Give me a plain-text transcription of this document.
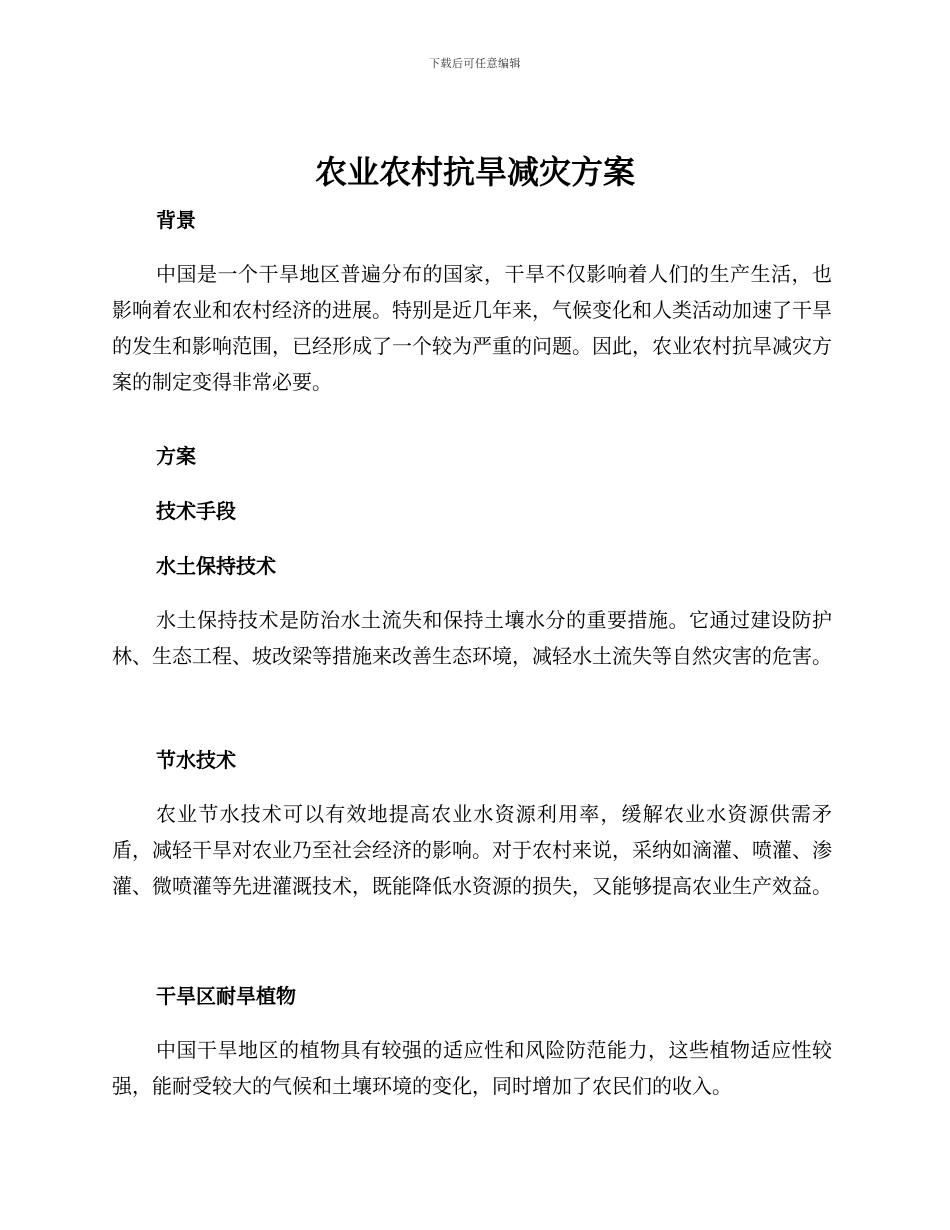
下载后可任意编辑
农业农村抗旱减灾方案
背景

中国是一个干旱地区普遍分布的国家，干旱不仅影响着人们的生产生活，也影响着农业和农村经济的进展。特别是近几年来，气候变化和人类活动加速了干旱的发生和影响范围，已经形成了一个较为严重的问题。因此，农业农村抗旱减灾方案的制定变得非常必要。

方案
技术手段
水土保持技术

水土保持技术是防治水土流失和保持土壤水分的重要措施。它通过建设防护林、生态工程、坡改梁等措施来改善生态环境，减轻水土流失等自然灾害的危害。

节水技术

农业节水技术可以有效地提高农业水资源利用率，缓解农业水资源供需矛盾，减轻干旱对农业乃至社会经济的影响。对于农村来说，采纳如滴灌、喷灌、渗灌、微喷灌等先进灌溉技术，既能降低水资源的损失，又能够提高农业生产效益。

干旱区耐旱植物

中国干旱地区的植物具有较强的适应性和风险防范能力，这些植物适应性较强，能耐受较大的气候和土壤环境的变化，同时增加了农民们的收入。
